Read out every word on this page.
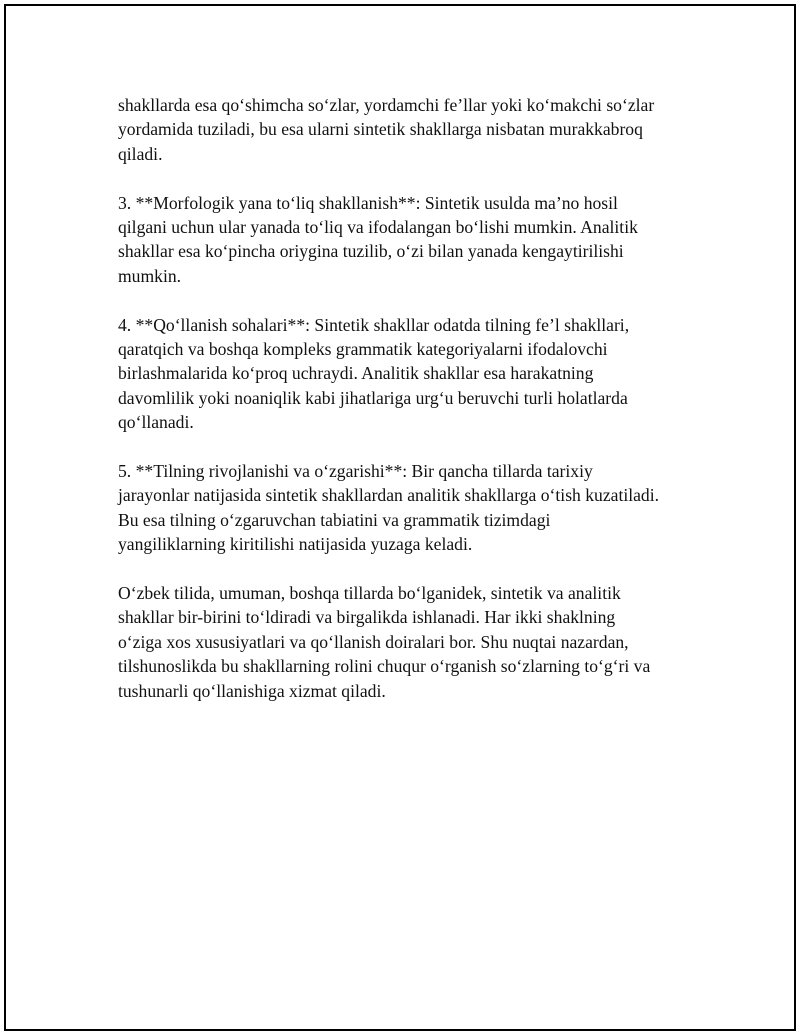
shakllarda esa qo‘shimcha so‘zlar, yordamchi fe’llar yoki ko‘makchi so‘zlar
yordamida tuziladi, bu esa ularni sintetik shakllarga nisbatan murakkabroq
qiladi.

3. **Morfologik yana to‘liq shakllanish**: Sintetik usulda ma’no hosil
qilgani uchun ular yanada to‘liq va ifodalangan bo‘lishi mumkin. Analitik
shakllar esa ko‘pincha oriygina tuzilib, o‘zi bilan yanada kengaytirilishi
mumkin.

4. **Qo‘llanish sohalari**: Sintetik shakllar odatda tilning fe’l shakllari,
qaratqich va boshqa kompleks grammatik kategoriyalarni ifodalovchi
birlashmalarida ko‘proq uchraydi. Analitik shakllar esa harakatning
davomlilik yoki noaniqlik kabi jihatlariga urg‘u beruvchi turli holatlarda
qo‘llanadi.

5. **Tilning rivojlanishi va o‘zgarishi**: Bir qancha tillarda tarixiy
jarayonlar natijasida sintetik shakllardan analitik shakllarga o‘tish kuzatiladi.
Bu esa tilning o‘zgaruvchan tabiatini va grammatik tizimdagi
yangiliklarning kiritilishi natijasida yuzaga keladi.

O‘zbek tilida, umuman, boshqa tillarda bo‘lganidek, sintetik va analitik
shakllar bir-birini to‘ldiradi va birgalikda ishlanadi. Har ikki shaklning
o‘ziga xos xususiyatlari va qo‘llanish doiralari bor. Shu nuqtai nazardan,
tilshunoslikda bu shakllarning rolini chuqur o‘rganish so‘zlarning to‘g‘ri va
tushunarli qo‘llanishiga xizmat qiladi.
